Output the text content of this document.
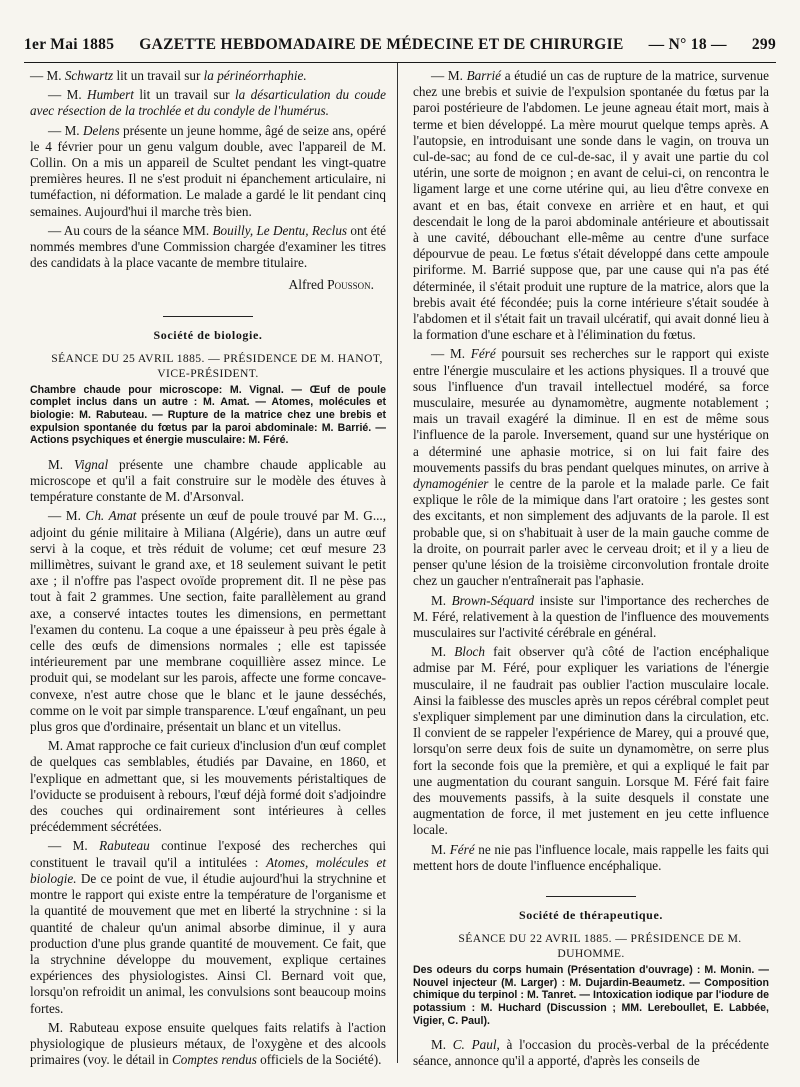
1er Mai 1885 GAZETTE HEBDOMADAIRE DE MÉDECINE ET DE CHIRURGIE — N° 18 — 299

— M. Schwartz lit un travail sur la périnéorrhaphie.

— M. Humbert lit un travail sur la désarticulation du coude avec résection de la trochlée et du condyle de l'humérus.

— M. Delens présente un jeune homme, âgé de seize ans, opéré le 4 février pour un genu valgum double, avec l'appareil de M. Collin. On a mis un appareil de Scultet pendant les vingt-quatre premières heures. Il ne s'est produit ni épanchement articulaire, ni tuméfaction, ni déformation. Le malade a gardé le lit pendant cinq semaines. Aujourd'hui il marche très bien.

— Au cours de la séance MM. Bouilly, Le Dentu, Reclus ont été nommés membres d'une Commission chargée d'examiner les titres des candidats à la place vacante de membre titulaire.

Alfred Pousson.
Société de biologie.

SÉANCE DU 25 AVRIL 1885. — PRÉSIDENCE DE M. HANOT, VICE-PRÉSIDENT.

Chambre chaude pour microscope: M. Vignal. — Œuf de poule complet inclus dans un autre : M. Amat. — Atomes, molécules et biologie: M. Rabuteau. — Rupture de la matrice chez une brebis et expulsion spontanée du fœtus par la paroi abdominale: M. Barrié. — Actions psychiques et énergie musculaire: M. Féré.

M. Vignal présente une chambre chaude applicable au microscope et qu'il a fait construire sur le modèle des étuves à température constante de M. d'Arsonval.

— M. Ch. Amat présente un œuf de poule trouvé par M. G..., adjoint du génie militaire à Miliana (Algérie), dans un autre œuf servi à la coque, et très réduit de volume; cet œuf mesure 23 millimètres, suivant le grand axe, et 18 seulement suivant le petit axe ; il n'offre pas l'aspect ovoïde proprement dit. Il ne pèse pas tout à fait 2 grammes. Une section, faite parallèlement au grand axe, a conservé intactes toutes les dimensions, en permettant l'examen du contenu. La coque a une épaisseur à peu près égale à celle des œufs de dimensions normales ; elle est tapissée intérieurement par une membrane coquillière assez mince. Le produit qui, se modelant sur les parois, affecte une forme concave-convexe, n'est autre chose que le blanc et le jaune desséchés, comme on le voit par simple transparence. L'œuf engaînant, un peu plus gros que d'ordinaire, présentait un blanc et un vitellus.

M. Amat rapproche ce fait curieux d'inclusion d'un œuf complet de quelques cas semblables, étudiés par Davaine, en 1860, et l'explique en admettant que, si les mouvements péristaltiques de l'oviducte se produisent à rebours, l'œuf déjà formé doit s'adjoindre des couches qui ordinairement sont intérieures à celles précédemment sécrétées.

— M. Rabuteau continue l'exposé des recherches qui constituent le travail qu'il a intitulées : Atomes, molécules et biologie. De ce point de vue, il étudie aujourd'hui la strychnine et montre le rapport qui existe entre la température de l'organisme et la quantité de mouvement que met en liberté la strychnine : si la quantité de chaleur qu'un animal absorbe diminue, il y aura production d'une plus grande quantité de mouvement. Ce fait, que la strychnine développe du mouvement, explique certaines expériences des physiologistes. Ainsi Cl. Bernard voit que, lorsqu'on refroidit un animal, les convulsions sont beaucoup moins fortes.

M. Rabuteau expose ensuite quelques faits relatifs à l'action physiologique de plusieurs métaux, de l'oxygène et des alcools primaires (voy. le détail in Comptes rendus officiels de la Société).

— M. Barrié a étudié un cas de rupture de la matrice, survenue chez une brebis et suivie de l'expulsion spontanée du fœtus par la paroi postérieure de l'abdomen. Le jeune agneau était mort, mais à terme et bien développé. La mère mourut quelque temps après. A l'autopsie, en introduisant une sonde dans le vagin, on trouva un cul-de-sac; au fond de ce cul-de-sac, il y avait une partie du col utérin, une sorte de moignon ; en avant de celui-ci, on rencontra le ligament large et une corne utérine qui, au lieu d'être convexe en avant et en bas, était convexe en arrière et en haut, et qui descendait le long de la paroi abdominale antérieure et aboutissait à une cavité, débouchant elle-même au centre d'une surface dépourvue de peau. Le fœtus s'était développé dans cette ampoule piriforme. M. Barrié suppose que, par une cause qui n'a pas été déterminée, il s'était produit une rupture de la matrice, alors que la brebis avait été fécondée; puis la corne intérieure s'était soudée à l'abdomen et il s'était fait un travail ulcératif, qui avait donné lieu à la formation d'une eschare et à l'élimination du fœtus.

— M. Féré poursuit ses recherches sur le rapport qui existe entre l'énergie musculaire et les actions physiques. Il a trouvé que sous l'influence d'un travail intellectuel modéré, sa force musculaire, mesurée au dynamomètre, augmente notablement ; mais un travail exagéré la diminue. Il en est de même sous l'influence de la parole. Inversement, quand sur une hystérique on a déterminé une aphasie motrice, si on lui fait faire des mouvements passifs du bras pendant quelques minutes, on arrive à dynamogénier le centre de la parole et la malade parle. Ce fait explique le rôle de la mimique dans l'art oratoire ; les gestes sont des excitants, et non simplement des adjuvants de la parole. Il est probable que, si on s'habituait à user de la main gauche comme de la droite, on pourrait parler avec le cerveau droit; et il y a lieu de penser qu'une lésion de la troisième circonvolution frontale droite chez un gaucher n'entraînerait pas l'aphasie.

M. Brown-Séquard insiste sur l'importance des recherches de M. Féré, relativement à la question de l'influence des mouvements musculaires sur l'activité cérébrale en général.

M. Bloch fait observer qu'à côté de l'action encéphalique admise par M. Féré, pour expliquer les variations de l'énergie musculaire, il ne faudrait pas oublier l'action musculaire locale. Ainsi la faiblesse des muscles après un repos cérébral complet peut s'expliquer simplement par une diminution dans la circulation, etc. Il convient de se rappeler l'expérience de Marey, qui a prouvé que, lorsqu'on serre deux fois de suite un dynamomètre, on serre plus fort la seconde fois que la première, et qui a expliqué le fait par une augmentation du courant sanguin. Lorsque M. Féré fait faire des mouvements passifs, à la suite desquels il constate une augmentation de force, il met justement en jeu cette influence locale.

M. Féré ne nie pas l'influence locale, mais rappelle les faits qui mettent hors de doute l'influence encéphalique.

Société de thérapeutique.

SÉANCE DU 22 AVRIL 1885. — PRÉSIDENCE DE M. DUHOMME.

Des odeurs du corps humain (Présentation d'ouvrage) : M. Monin. — Nouvel injecteur (M. Larger) : M. Dujardin-Beaumetz. — Composition chimique du terpinol : M. Tanret. — Intoxication iodique par l'iodure de potassium : M. Huchard (Discussion ; MM. Lereboullet, E. Labbée, Vigier, C. Paul).

M. C. Paul, à l'occasion du procès-verbal de la précédente séance, annonce qu'il a apporté, d'après les conseils de
